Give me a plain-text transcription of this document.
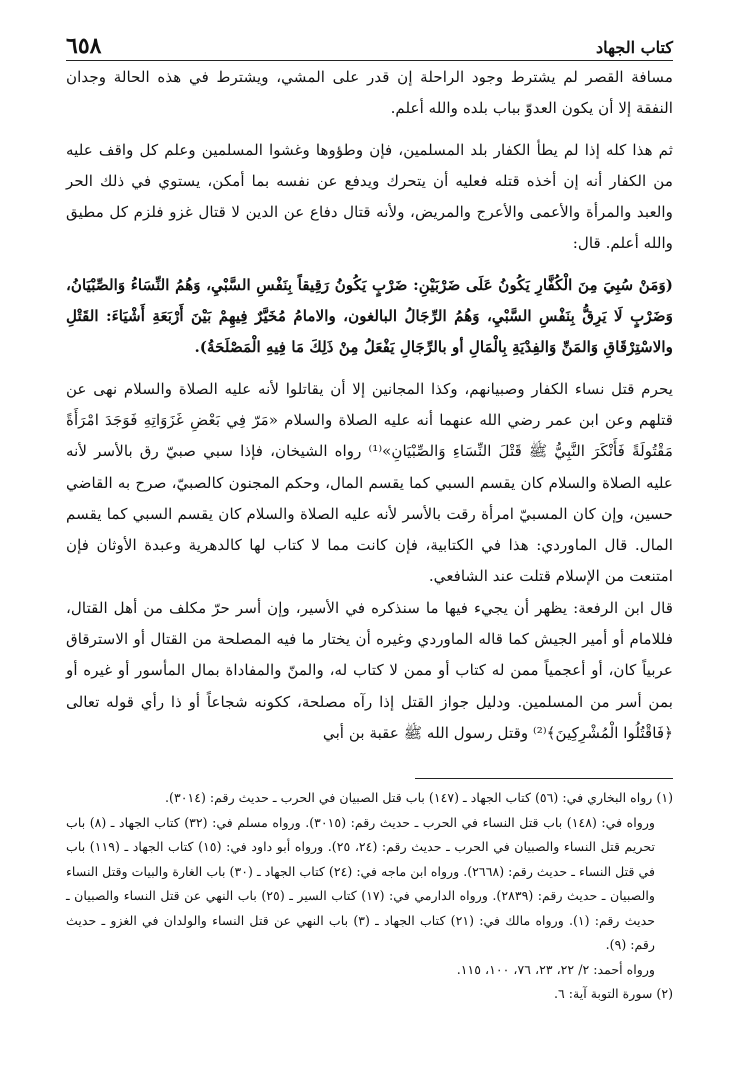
كتاب الجهاد
٦٥٨

مسافة القصر لم يشترط وجود الراحلة إن قدر على المشي، ويشترط في هذه الحالة وجدان النفقة إلا أن يكون العدوّ بباب بلده والله أعلم.

ثم هذا كله إذا لم يطأ الكفار بلد المسلمين، فإن وطؤوها وغشوا المسلمين وعلم كل واقف عليه من الكفار أنه إن أخذه قتله فعليه أن يتحرك ويدفع عن نفسه بما أمكن، يستوي في ذلك الحر والعبد والمرأة والأعمى والأعرج والمريض، ولأنه قتال دفاع عن الدين لا قتال غزو فلزم كل مطيق والله أعلم. قال:

(وَمَنْ سُبِيَ مِنَ الْكُفَّارِ يَكُونُ عَلَى ضَرْبَيْنِ: ضَرْبٍ يَكُونُ رَقِيقاً بِنَفْسِ السَّبْيِ، وَهُمُ النِّسَاءُ وَالصِّبْيَانُ، وَضَرْبٍ لَا يَرِقُّ بِنَفْسِ السَّبْيِ، وَهُمُ الرِّجَالُ البالغون، والامامُ مُخَيَّرٌ فِيهِمْ بَيْنَ أَرْبَعَةِ أَشْيَاءَ: القَتْلِ والاسْتِرْقَاقِ وَالمَنِّ وَالفِدْيَةِ بِالْمَالِ أو بالرِّجَالِ يَفْعَلُ مِنْ ذَلِكَ مَا فِيهِ الْمَصْلَحَةُ).

يحرم قتل نساء الكفار وصبيانهم، وكذا المجانين إلا أن يقاتلوا لأنه عليه الصلاة والسلام نهى عن قتلهم وعن ابن عمر رضي الله عنهما أنه عليه الصلاة والسلام «مَرّ فِي بَعْضِ غَزَوَاتِهِ فَوَجَدَ امْرَأَةً مَقْتُولَةً فَأَنْكَرَ النَّبِيُّ ﷺ قَتْلَ النِّسَاءِ وَالصِّبْيَانِ»⁽¹⁾ رواه الشيخان، فإذا سبي صبيّ رق بالأسر لأنه عليه الصلاة والسلام كان يقسم السبي كما يقسم المال، وحكم المجنون كالصبيّ، صرح به القاضي حسين، وإن كان المسبيّ امرأة رقت بالأسر لأنه عليه الصلاة والسلام كان يقسم السبي كما يقسم المال. قال الماوردي: هذا في الكتابية، فإن كانت مما لا كتاب لها كالدهرية وعبدة الأوثان فإن امتنعت من الإسلام قتلت عند الشافعي.

قال ابن الرفعة: يظهر أن يجيء فيها ما سنذكره في الأسير، وإن أسر حرّ مكلف من أهل القتال، فللامام أو أمير الجيش كما قاله الماوردي وغيره أن يختار ما فيه المصلحة من القتال أو الاسترقاق عربياً كان، أو أعجمياً ممن له كتاب أو ممن لا كتاب له، والمنّ والمفاداة بمال المأسور أو غيره أو بمن أسر من المسلمين. ودليل جواز القتل إذا رآه مصلحة، ككونه شجاعاً أو ذا رأي قوله تعالى ﴿فَاقْتُلُوا الْمُشْرِكِينَ﴾⁽²⁾ وقتل رسول الله ﷺ عقبة بن أبي

(١) رواه البخاري في: (٥٦) كتاب الجهاد ـ (١٤٧) باب قتل الصبيان في الحرب ـ حديث رقم: (٣٠١٤).

ورواه في: (١٤٨) باب قتل النساء في الحرب ـ حديث رقم: (٣٠١٥). ورواه مسلم في: (٣٢) كتاب الجهاد ـ (٨) باب تحريم قتل النساء والصبيان في الحرب ـ حديث رقم: (٢٤، ٢٥). ورواه أبو داود في: (١٥) كتاب الجهاد ـ (١١٩) باب في قتل النساء ـ حديث رقم: (٢٦٦٨). ورواه ابن ماجه في: (٢٤) كتاب الجهاد ـ (٣٠) باب الغارة والبيات وقتل النساء والصبيان ـ حديث رقم: (٢٨٣٩). ورواه الدارمي في: (١٧) كتاب السير ـ (٢٥) باب النهي عن قتل النساء والصبيان ـ حديث رقم: (١). ورواه مالك في: (٢١) كتاب الجهاد ـ (٣) باب النهي عن قتل النساء والولدان في الغزو ـ حديث رقم: (٩).

ورواه أحمد: ٢/ ٢٢، ٢٣، ٧٦، ١٠٠، ١١٥.

(٢) سورة التوبة آية: ٦.
